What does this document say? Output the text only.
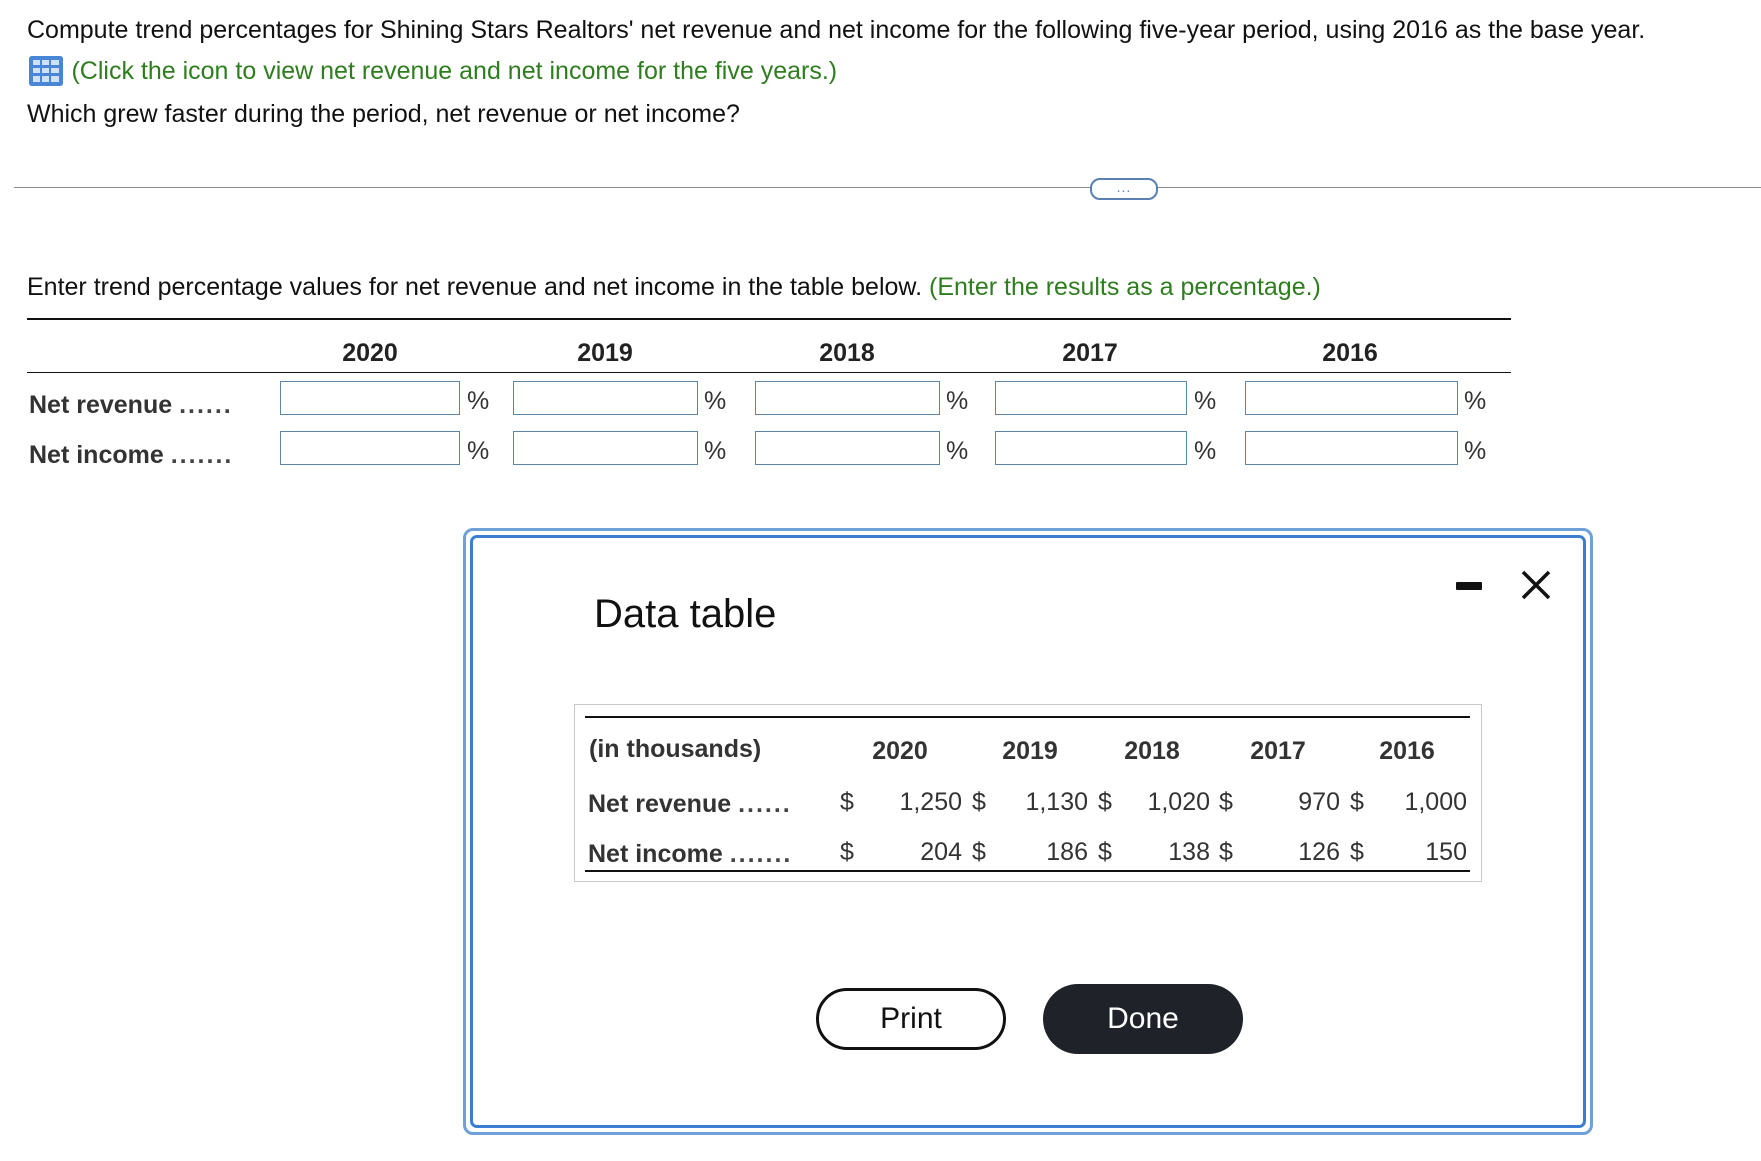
Compute trend percentages for Shining Stars Realtors' net revenue and net income for the following five-year period, using 2016 as the base year.
(Click the icon to view net revenue and net income for the five years.)
Which grew faster during the period, net revenue or net income?
...
Enter trend percentage values for net revenue and net income in the table below. (Enter the results as a percentage.)
2020	2019	2018	2017	2016
Net revenue ......	%	%	%	%	%
Net income .......	%	%	%	%	%
Data table
(in thousands)	2020	2019	2018	2017	2016
Net revenue ...... $	1,250 $	1,130 $	1,020 $	970 $	1,000
Net income ....... $	204 $	186 $	138 $	126 $	150
Print	Done
